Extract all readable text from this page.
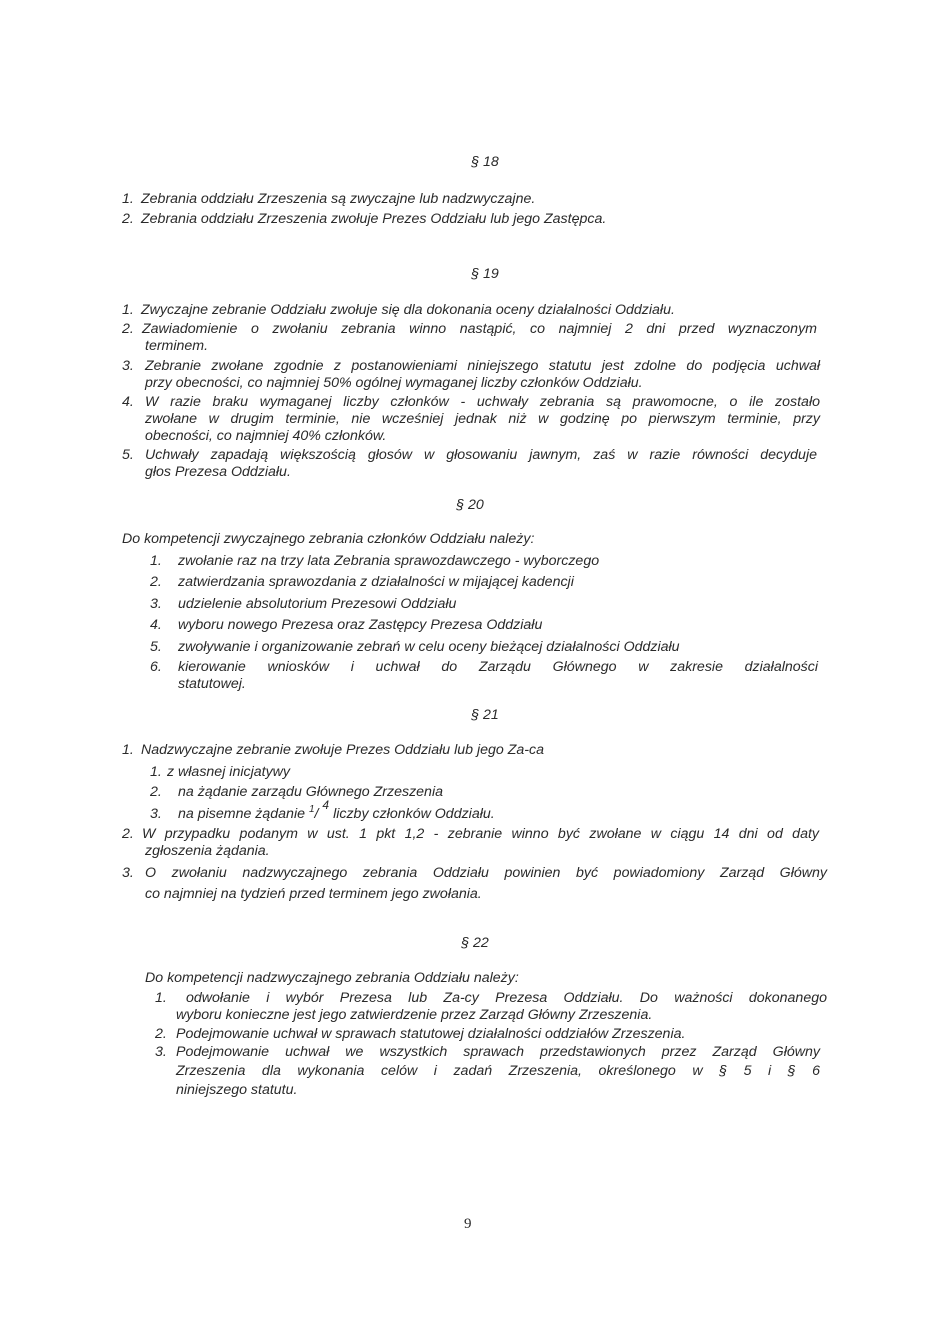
§ 18
1. Zebrania oddziału Zrzeszenia są zwyczajne lub nadzwyczajne.
2. Zebrania oddziału Zrzeszenia zwołuje Prezes Oddziału lub jego Zastępca.
§ 19
1. Zwyczajne zebranie Oddziału zwołuje się dla dokonania oceny działalności Oddziału.
2. Zawiadomienie o zwołaniu zebrania winno nastąpić, co najmniej 2 dni przed wyznaczonym
terminem.
3. Zebranie zwołane zgodnie z postanowieniami niniejszego statutu jest zdolne do podjęcia uchwał
przy obecności, co najmniej 50% ogólnej wymaganej liczby członków Oddziału.
4. W razie braku wymaganej liczby członków - uchwały zebrania są prawomocne, o ile zostało
zwołane w drugim terminie, nie wcześniej jednak niż w godzinę po pierwszym terminie, przy
obecności, co najmniej 40% członków.
5. Uchwały zapadają większością głosów w głosowaniu jawnym, zaś w razie równości decyduje
głos Prezesa Oddziału.
§ 20
Do kompetencji zwyczajnego zebrania członków Oddziału należy:
1. zwołanie raz na trzy lata Zebrania sprawozdawczego - wyborczego
2. zatwierdzania sprawozdania z działalności w mijającej kadencji
3. udzielenie absolutorium Prezesowi Oddziału
4. wyboru nowego Prezesa oraz Zastępcy Prezesa Oddziału
5. zwoływanie i organizowanie zebrań w celu oceny bieżącej działalności Oddziału
6. kierowanie wniosków i uchwał do Zarządu Głównego w zakresie działalności
statutowej.
§ 21
1. Nadzwyczajne zebranie zwołuje Prezes Oddziału lub jego Za-ca
1. z własnej inicjatywy
2. na żądanie zarządu Głównego Zrzeszenia
3. na pisemne żądanie $^1$/ $^4$ liczby członków Oddziału.
2. W przypadku podanym w ust. 1 pkt 1,2 - zebranie winno być zwołane w ciągu 14 dni od daty
zgłoszenia żądania.
3. O zwołaniu nadzwyczajnego zebrania Oddziału powinien być powiadomiony Zarząd Główny
co najmniej na tydzień przed terminem jego zwołania.
§ 22
Do kompetencji nadzwyczajnego zebrania Oddziału należy:
1. odwołanie i wybór Prezesa lub Za-cy Prezesa Oddziału. Do ważności dokonanego
wyboru konieczne jest jego zatwierdzenie przez Zarząd Główny Zrzeszenia.
2. Podejmowanie uchwał w sprawach statutowej działalności oddziałów Zrzeszenia.
3. Podejmowanie uchwał we wszystkich sprawach przedstawionych przez Zarząd Główny
Zrzeszenia dla wykonania celów i zadań Zrzeszenia, określonego w § 5 i § 6
niniejszego statutu.
9
